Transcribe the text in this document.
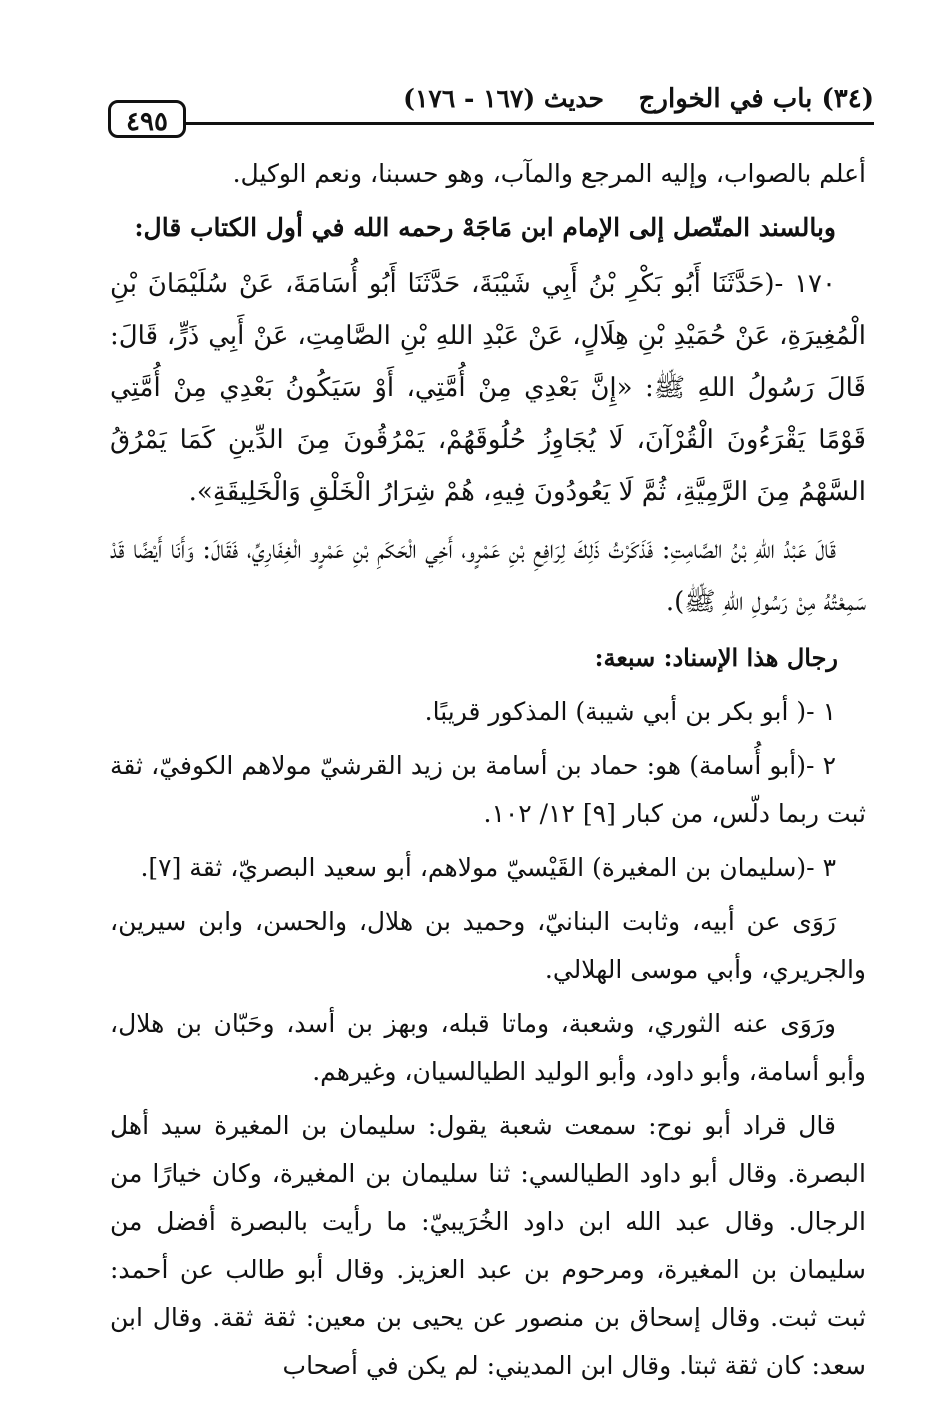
(٣٤) باب في الخوارج
حديث (١٦٧ - ١٧٦)
٤٩٥

أعلم بالصواب، وإليه المرجع والمآب، وهو حسبنا، ونعم الوكيل.

وبالسند المتّصل إلى الإمام ابن مَاجَهْ رحمه الله في أول الكتاب قال:

١٧٠ -(حَدَّثَنَا أَبُو بَكْرِ بْنُ أَبِي شَيْبَةَ، حَدَّثَنَا أَبُو أُسَامَةَ، عَنْ سُلَيْمَانَ بْنِ الْمُغِيرَةِ، عَنْ حُمَيْدِ بْنِ هِلَالٍ، عَنْ عَبْدِ اللهِ بْنِ الصَّامِتِ، عَنْ أَبِي ذَرٍّ، قَالَ: قَالَ رَسُولُ اللهِ ﷺ: «إِنَّ بَعْدِي مِنْ أُمَّتِي، أَوْ سَيَكُونُ بَعْدِي مِنْ أُمَّتِي قَوْمًا يَقْرَءُونَ الْقُرْآنَ، لَا يُجَاوِزُ حُلُوقَهُمْ، يَمْرُقُونَ مِنَ الدِّينِ كَمَا يَمْرُقُ السَّهْمُ مِنَ الرَّمِيَّةِ، ثُمَّ لَا يَعُودُونَ فِيهِ، هُمْ شِرَارُ الْخَلْقِ وَالْخَلِيقَةِ».

قَالَ عَبْدُ اللهِ بْنُ الصَّامِتِ: فَذَكَرْتُ ذَلِكَ لِرَافِعِ بْنِ عَمْرٍو، أَخِي الْحَكَمِ بْنِ عَمْرٍو الْغِفَارِيِّ، فَقَالَ: وَأَنَا أَيْضًا قَدْ سَمِعْتُهُ مِنْ رَسُولِ اللهِ ﷺ).

رجال هذا الإسناد: سبعة:

١ -( أبو بكر بن أبي شيبة) المذكور قريبًا.

٢ -(أبو أُسامة) هو: حماد بن أسامة بن زيد القرشيّ مولاهم الكوفيّ، ثقة ثبت ربما دلّس، من كبار [٩] ١٢/ ١٠٢.

٣ -(سليمان بن المغيرة) القَيْسيّ مولاهم، أبو سعيد البصريّ، ثقة [٧].

رَوَى عن أبيه، وثابت البنانيّ، وحميد بن هلال، والحسن، وابن سيرين، والجريري، وأبي موسى الهلالي.

ورَوَى عنه الثوري، وشعبة، وماتا قبله، وبهز بن أسد، وحَبّان بن هلال، وأبو أسامة، وأبو داود، وأبو الوليد الطيالسيان، وغيرهم.

قال قراد أبو نوح: سمعت شعبة يقول: سليمان بن المغيرة سيد أهل البصرة. وقال أبو داود الطيالسي: ثنا سليمان بن المغيرة، وكان خيارًا من الرجال. وقال عبد الله ابن داود الخُرَيبيّ: ما رأيت بالبصرة أفضل من سليمان بن المغيرة، ومرحوم بن عبد العزيز. وقال أبو طالب عن أحمد: ثبت ثبت. وقال إسحاق بن منصور عن يحيى بن معين: ثقة ثقة. وقال ابن سعد: كان ثقة ثبتا. وقال ابن المديني: لم يكن في أصحاب
